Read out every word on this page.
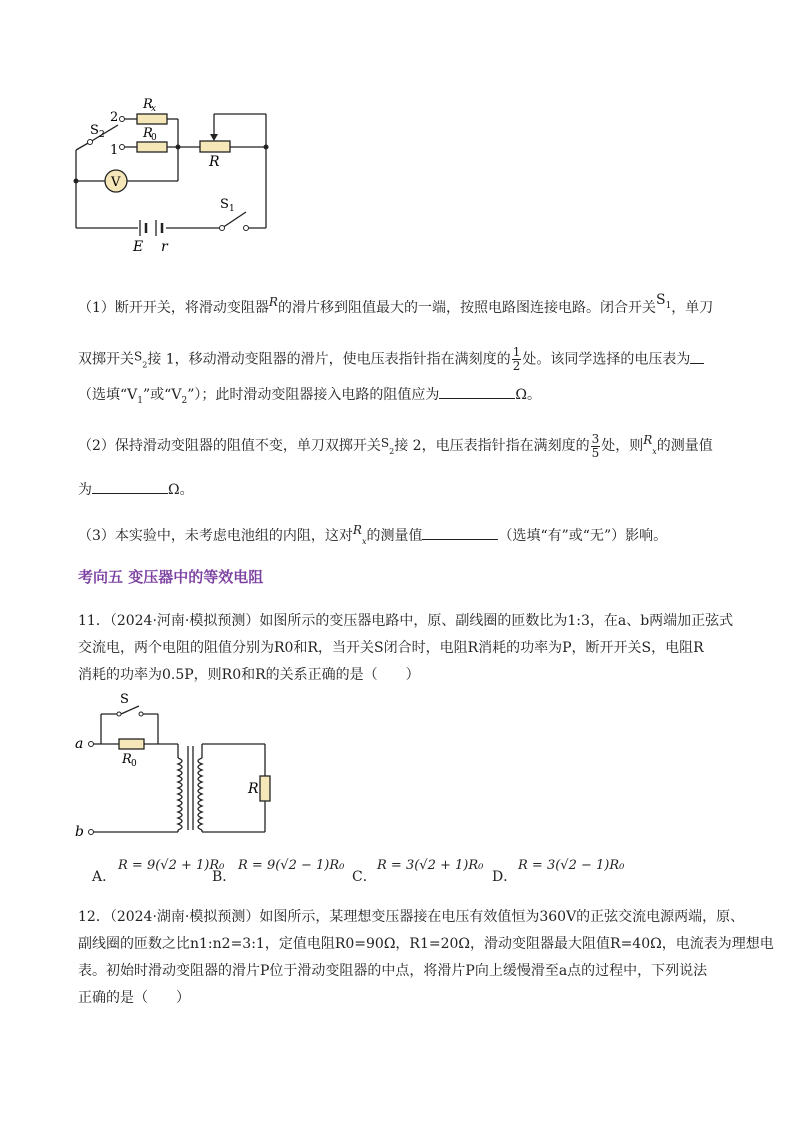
V
R
x
R
0
R
S 2
2
1
S 1
E r
（1）断开开关，将滑动变阻器R的滑片移到阻值最大的一端，按照电路图连接电路。闭合开关$S_1$，单刀
双掷开关$S_2$接 1，移动滑动变阻器的滑片，使电压表指针指在满刻度的 $\frac{1}{2}$ 处。该同学选择的电压表为
（选填“$V_1$”或“$V_2$”）；此时滑动变阻器接入电路的阻值应为	Ω。
（2）保持滑动变阻器的阻值不变，单刀双掷开关$S_2$接 2，电压表指针指在满刻度的 $\frac{3}{5}$ 处，则$R_x$的测量值
为	Ω。
（3）本实验中，未考虑电池组的内阻，这对$R_x$的测量值	（选填“有”或“无”）影响。
考向五 变压器中的等效电阻
11．（2024·河南·模拟预测）如图所示的变压器电路中，原、副线圈的匝数比为1:3，在a、b两端加正弦式
交流电，两个电阻的阻值分别为R0和R，当开关S闭合时，电阻R消耗的功率为P，断开开关S，电阻R
消耗的功率为0.5P，则R0和R的关系正确的是（　　）
S
a
b
R 0
R
A．
R = 9(√2 + 1)R₀
B．
R = 9(√2 − 1)R₀
C．
R = 3(√2 + 1)R₀
D．
R = 3(√2 − 1)R₀
12．（2024·湖南·模拟预测）如图所示，某理想变压器接在电压有效值恒为360V的正弦交流电源两端，原、
副线圈的匝数之比n1:n2=3:1，定值电阻R0=90Ω，R1=20Ω，滑动变阻器最大阻值R=40Ω，电流表为理想电
表。初始时滑动变阻器的滑片P位于滑动变阻器的中点，将滑片P向上缓慢滑至a点的过程中，下列说法
正确的是（　　）
